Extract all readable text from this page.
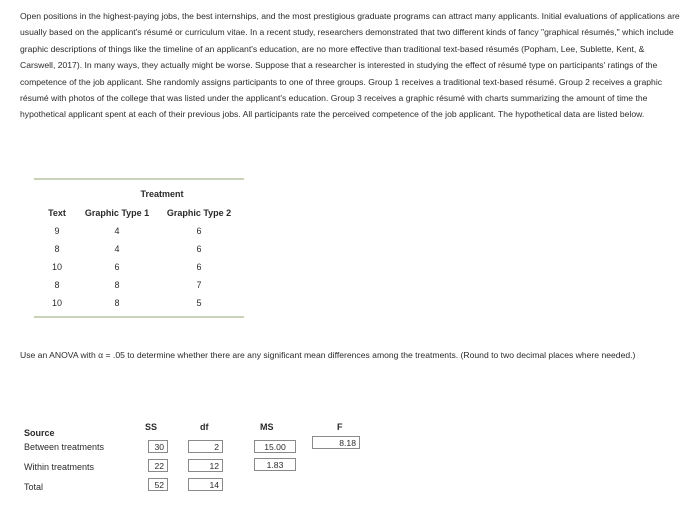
Open positions in the highest-paying jobs, the best internships, and the most prestigious graduate programs can attract many applicants. Initial evaluations of applications are usually based on the applicant's résumé or curriculum vitae. In a recent study, researchers demonstrated that two different kinds of fancy "graphical résumés," which include graphic descriptions of things like the timeline of an applicant's education, are no more effective than traditional text-based résumés (Popham, Lee, Sublette, Kent, & Carswell, 2017). In many ways, they actually might be worse. Suppose that a researcher is interested in studying the effect of résumé type on participants' ratings of the competence of the job applicant. She randomly assigns participants to one of three groups. Group 1 receives a traditional text-based résumé. Group 2 receives a graphic résumé with photos of the college that was listed under the applicant's education. Group 3 receives a graphic résumé with charts summarizing the amount of time the hypothetical applicant spent at each of their previous jobs. All participants rate the perceived competence of the job applicant. The hypothetical data are listed below.
Treatment
Text	Graphic Type 1	Graphic Type 2
9	4	6
8	4	6
10	6	6
8	8	7
10	8	5
Use an ANOVA with α = .05 to determine whether there are any significant mean differences among the treatments. (Round to two decimal places where needed.)
Source
SS	df	MS	F
Between treatments	30	2	15.00	8.18
Within treatments	22	12	1.83
Total	52	14
